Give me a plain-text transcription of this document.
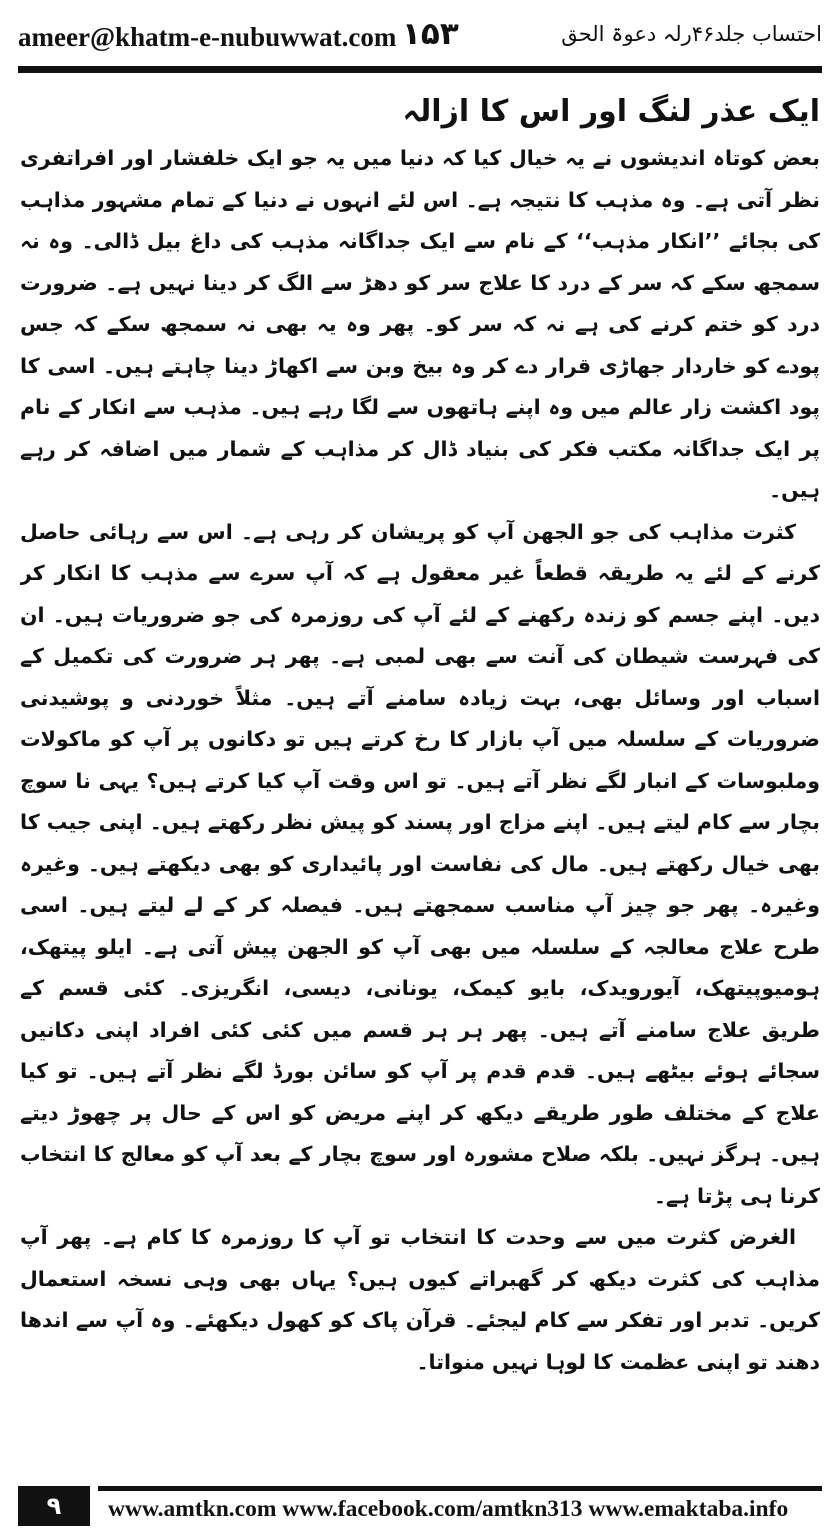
ameer@khatm-e-nubuwwat.com ۱۵۳	احتساب جلد۴۶رلہ دعوۃ الحق
ایک عذر لنگ اور اس کا ازالہ

بعض کوتاہ اندیشوں نے یہ خیال کیا کہ دنیا میں یہ جو ایک خلفشار اور افراتفری نظر آتی ہے۔ وہ مذہب کا نتیجہ ہے۔ اس لئے انہوں نے دنیا کے تمام مشہور مذاہب کی بجائے ’’انکار مذہب‘‘ کے نام سے ایک جداگانہ مذہب کی داغ بیل ڈالی۔ وہ نہ سمجھ سکے کہ سر کے درد کا علاج سر کو دھڑ سے الگ کر دینا نہیں ہے۔ ضرورت درد کو ختم کرنے کی ہے نہ کہ سر کو۔ پھر وہ یہ بھی نہ سمجھ سکے کہ جس پودے کو خاردار جھاڑی قرار دے کر وہ بیخ وبن سے اکھاڑ دینا چاہتے ہیں۔ اسی کا پود اکشت زار عالم میں وہ اپنے ہاتھوں سے لگا رہے ہیں۔ مذہب سے انکار کے نام پر ایک جداگانہ مکتب فکر کی بنیاد ڈال کر مذاہب کے شمار میں اضافہ کر رہے ہیں۔

کثرت مذاہب کی جو الجھن آپ کو پریشان کر رہی ہے۔ اس سے رہائی حاصل کرنے کے لئے یہ طریقہ قطعاً غیر معقول ہے کہ آپ سرے سے مذہب کا انکار کر دیں۔ اپنے جسم کو زندہ رکھنے کے لئے آپ کی روزمرہ کی جو ضروریات ہیں۔ ان کی فہرست شیطان کی آنت سے بھی لمبی ہے۔ پھر ہر ضرورت کی تکمیل کے اسباب اور وسائل بھی، بہت زیادہ سامنے آتے ہیں۔ مثلاً خوردنی و پوشیدنی ضروریات کے سلسلہ میں آپ بازار کا رخ کرتے ہیں تو دکانوں پر آپ کو ماکولات وملبوسات کے انبار لگے نظر آتے ہیں۔ تو اس وقت آپ کیا کرتے ہیں؟ یہی نا سوچ بچار سے کام لیتے ہیں۔ اپنے مزاج اور پسند کو پیش نظر رکھتے ہیں۔ اپنی جیب کا بھی خیال رکھتے ہیں۔ مال کی نفاست اور پائیداری کو بھی دیکھتے ہیں۔ وغیرہ وغیرہ۔ پھر جو چیز آپ مناسب سمجھتے ہیں۔ فیصلہ کر کے لے لیتے ہیں۔ اسی طرح علاج معالجہ کے سلسلہ میں بھی آپ کو الجھن پیش آتی ہے۔ ایلو پیتھک، ہومیوپیتھک، آیورویدک، بایو کیمک، یونانی، دیسی، انگریزی۔ کئی قسم کے طریق علاج سامنے آتے ہیں۔ پھر ہر ہر قسم میں کئی کئی افراد اپنی دکانیں سجائے ہوئے بیٹھے ہیں۔ قدم قدم پر آپ کو سائن بورڈ لگے نظر آتے ہیں۔ تو کیا علاج کے مختلف طور طریقے دیکھ کر اپنے مریض کو اس کے حال پر چھوڑ دیتے ہیں۔ ہرگز نہیں۔ بلکہ صلاح مشورہ اور سوچ بچار کے بعد آپ کو معالج کا انتخاب کرنا ہی پڑتا ہے۔

الغرض کثرت میں سے وحدت کا انتخاب تو آپ کا روزمرہ کا کام ہے۔ پھر آپ مذاہب کی کثرت دیکھ کر گھبراتے کیوں ہیں؟ یہاں بھی وہی نسخہ استعمال کریں۔ تدبر اور تفکر سے کام لیجئے۔ قرآن پاک کو کھول دیکھئے۔ وہ آپ سے اندھا دھند تو اپنی عظمت کا لوہا نہیں منواتا۔

۹	www.amtkn.com www.facebook.com/amtkn313 www.emaktaba.info
